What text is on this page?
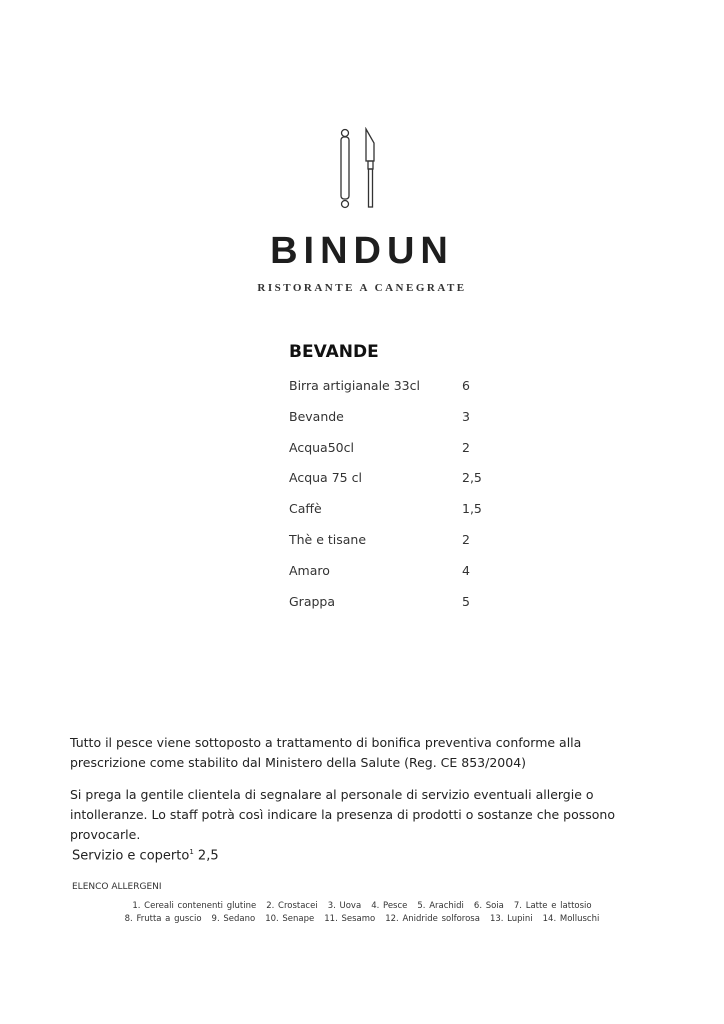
BINDUN
RISTORANTE A CANEGRATE
BEVANDE
Birra artigianale 33cl	6
Bevande	3
Acqua50cl	2
Acqua 75 cl	2,5
Caffè	1,5
Thè e tisane	2
Amaro	4
Grappa	5
Tutto il pesce viene sottoposto a trattamento di bonifica preventiva conforme alla prescrizione come stabilito dal Ministero della Salute (Reg. CE 853/2004)
Si prega la gentile clientela di segnalare al personale di servizio eventuali allergie o intolleranze. Lo staff potrà così indicare la presenza di prodotti o sostanze che possono provocarle.
Servizio e coperto$^1$ 2,5
ELENCO ALLERGENI
1. Cereali contenenti glutine 2. Crostacei 3. Uova 4. Pesce 5. Arachidi 6. Soia 7. Latte e lattosio
8. Frutta a guscio 9. Sedano 10. Senape 11. Sesamo 12. Anidride solforosa 13. Lupini 14. Molluschi
